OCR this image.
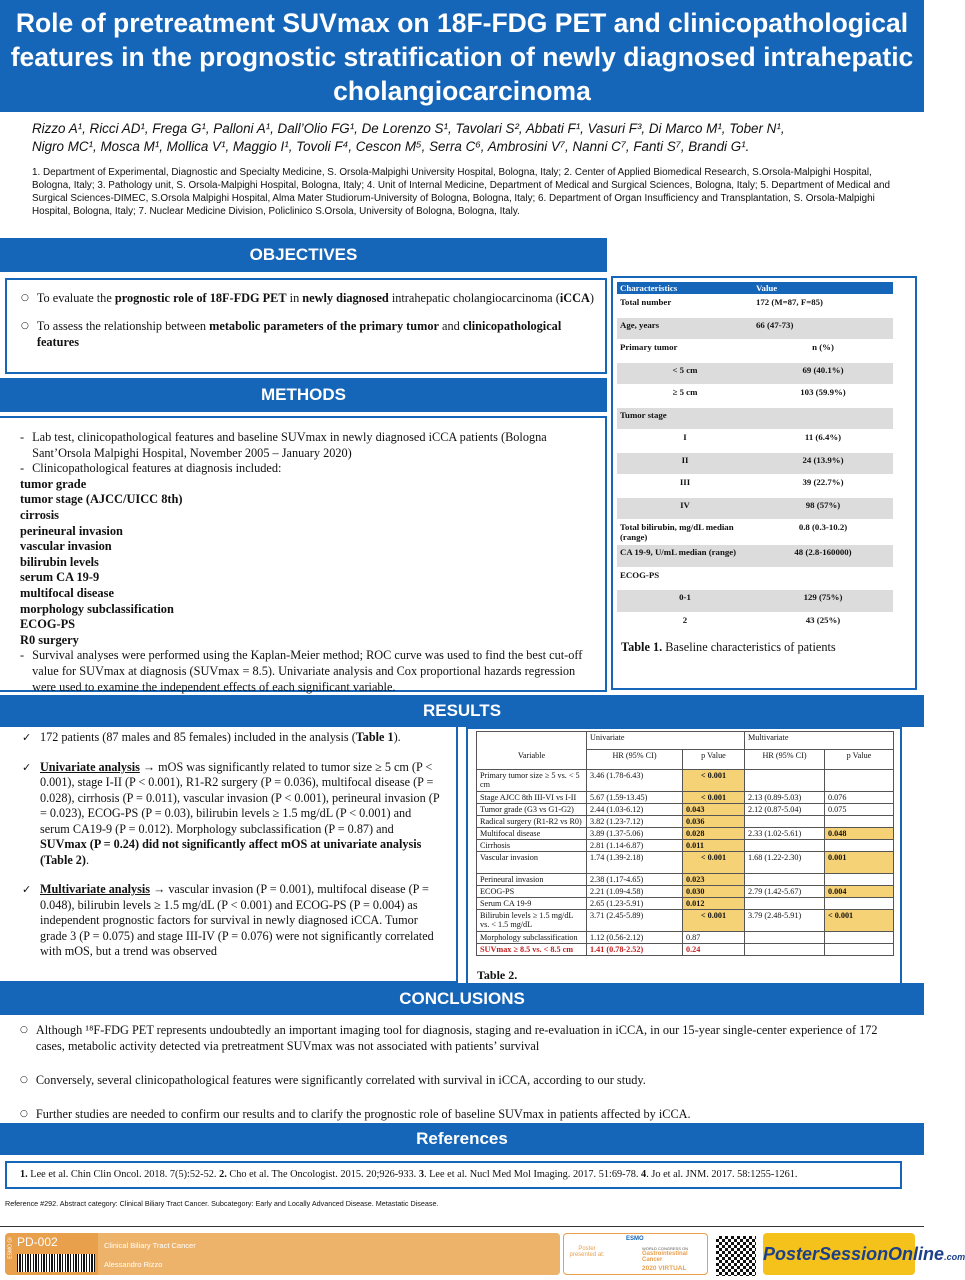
Role of pretreatment SUVmax on 18F-FDG PET and clinicopathological features in the prognostic stratification of newly diagnosed intrahepatic cholangiocarcinoma
Rizzo A¹, Ricci AD¹, Frega G¹, Palloni A¹, Dall’Olio FG¹, De Lorenzo S¹, Tavolari S², Abbati F¹, Vasuri F³, Di Marco M¹, Tober N¹,
Nigro MC¹, Mosca M¹, Mollica V¹, Maggio I¹, Tovoli F⁴, Cescon M⁵, Serra C⁶, Ambrosini V⁷, Nanni C⁷, Fanti S⁷, Brandi G¹.
1. Department of Experimental, Diagnostic and Specialty Medicine, S. Orsola-Malpighi University Hospital, Bologna, Italy; 2. Center of Applied Biomedical Research, S.Orsola-Malpighi Hospital, Bologna, Italy; 3. Pathology unit, S. Orsola-Malpighi Hospital, Bologna, Italy; 4. Unit of Internal Medicine, Department of Medical and Surgical Sciences, Bologna, Italy; 5. Department of Medical and Surgical Sciences-DIMEC, S.Orsola Malpighi Hospital, Alma Mater Studiorum-University of Bologna, Bologna, Italy; 6. Department of Organ Insufficiency and Transplantation, S. Orsola-Malpighi Hospital, Bologna, Italy; 7. Nuclear Medicine Division, Policlinico S.Orsola, University of Bologna, Bologna, Italy.
OBJECTIVES
○ To evaluate the prognostic role of 18F-FDG PET in newly diagnosed intrahepatic cholangiocarcinoma (iCCA)
○ To assess the relationship between metabolic parameters of the primary tumor and clinicopathological features
METHODS
- Lab test, clinicopathological features and baseline SUVmax in newly diagnosed iCCA patients (Bologna Sant’Orsola Malpighi Hospital, November 2005 – January 2020)
- Clinicopathological features at diagnosis included:
tumor grade
tumor stage (AJCC/UICC 8th)
cirrosis
perineural invasion
vascular invasion
bilirubin levels
serum CA 19-9
multifocal disease
morphology subclassification
ECOG-PS
R0 surgery
- Survival analyses were performed using the Kaplan-Meier method; ROC curve was used to find the best cut-off value for SUVmax at diagnosis (SUVmax = 8.5). Univariate analysis and Cox proportional hazards regression were used to examine the independent effects of each significant variable.
Characteristics	Value
Total number	172 (M=87, F=85)
Age, years	66 (47-73)
Primary tumor	n (%)
< 5 cm	69 (40.1%)
≥ 5 cm	103 (59.9%)
Tumor stage	
I	11 (6.4%)
II	24 (13.9%)
III	39 (22.7%)
IV	98 (57%)
Total bilirubin, mg/dL median (range)	0.8 (0.3-10.2)
CA 19-9, U/mL median (range)	48 (2.8-160000)
ECOG-PS	
0-1	129 (75%)
2	43 (25%)
Table 1. Baseline characteristics of patients
RESULTS
✓ 172 patients (87 males and 85 females) included in the analysis (Table 1).
✓ Univariate analysis → mOS was significantly related to tumor size ≥ 5 cm (P < 0.001), stage I-II (P < 0.001), R1-R2 surgery (P = 0.036), multifocal disease (P = 0.028), cirrhosis (P = 0.011), vascular invasion (P < 0.001), perineural invasion (P = 0.023), ECOG-PS (P = 0.03), bilirubin levels ≥ 1.5 mg/dL (P < 0.001) and serum CA19-9 (P = 0.012). Morphology subclassification (P = 0.87) and SUVmax (P = 0.24) did not significantly affect mOS at univariate analysis (Table 2).
✓ Multivariate analysis → vascular invasion (P = 0.001), multifocal disease (P = 0.048), bilirubin levels ≥ 1.5 mg/dL (P < 0.001) and ECOG-PS (P = 0.004) as independent prognostic factors for survival in newly diagnosed iCCA. Tumor grade 3 (P = 0.075) and stage III-IV (P = 0.076) were not significantly correlated with mOS, but a trend was observed
	Univariate		Multivariate	
Variable	HR (95% CI)	p Value	HR (95% CI)	p Value
Primary tumor size ≥ 5 vs. < 5 cm	3.46 (1.78-6.43)	< 0.001		
Stage AJCC 8th III-VI vs I-II	5.67 (1.59-13.45)	< 0.001	2.13 (0.89-5.03)	0.076
Tumor grade (G3 vs G1-G2)	2.44 (1.03-6.12)	0.043	2.12 (0.87-5.04)	0.075
Radical surgery (R1-R2 vs R0)	3.82 (1.23-7.12)	0.036		
Multifocal disease	3.89 (1.37-5.06)	0.028	2.33 (1.02-5.61)	0.048
Cirrhosis	2.81 (1.14-6.87)	0.011		
Vascular invasion	1.74 (1.39-2.18)	< 0.001	1.68 (1.22-2.30)	0.001
Perineural invasion	2.38 (1.17-4.65)	0.023		
ECOG-PS	2.21 (1.09-4.58)	0.030	2.79 (1.42-5.67)	0.004
Serum CA 19-9	2.65 (1.23-5.91)	0.012		
Bilirubin levels ≥ 1.5 mg/dL vs. < 1.5 mg/dL	3.71 (2.45-5.89)	< 0.001	3.79 (2.48-5.91)	< 0.001
Morphology subclassification	1.12 (0.56-2.12)	0.87		
SUVmax ≥ 8.5 vs. < 8.5 cm	1.41 (0.78-2.52)	0.24		
Table 2.
CONCLUSIONS
○ Although ¹⁸F-FDG PET represents undoubtedly an important imaging tool for diagnosis, staging and re-evaluation in iCCA, in our 15-year single-center experience of 172 cases, metabolic activity detected via pretreatment SUVmax was not associated with patients’ survival
○ Conversely, several clinicopathological features were significantly correlated with survival in iCCA, according to our study.
○ Further studies are needed to confirm our results and to clarify the prognostic role of baseline SUVmax in patients affected by iCCA.
References
1. Lee et al. Chin Clin Oncol. 2018. 7(5):52-52. 2. Cho et al. The Oncologist. 2015. 20;926-933. 3. Lee et al. Nucl Med Mol Imaging. 2017. 51:69-78. 4. Jo et al. JNM. 2017. 58:1255-1261.
Reference #292. Abstract category: Clinical Biliary Tract Cancer. Subcategory: Early and Locally Advanced Disease. Metastatic Disease.
PD-002
ESMO GI	Clinical Biliary Tract Cancer
Alessandro Rizzo
Poster presented at:
ESMO
WORLD CONGRESS ON
Gastrointestinal
Cancer
2020 VIRTUAL
PosterSessionOnline.com
